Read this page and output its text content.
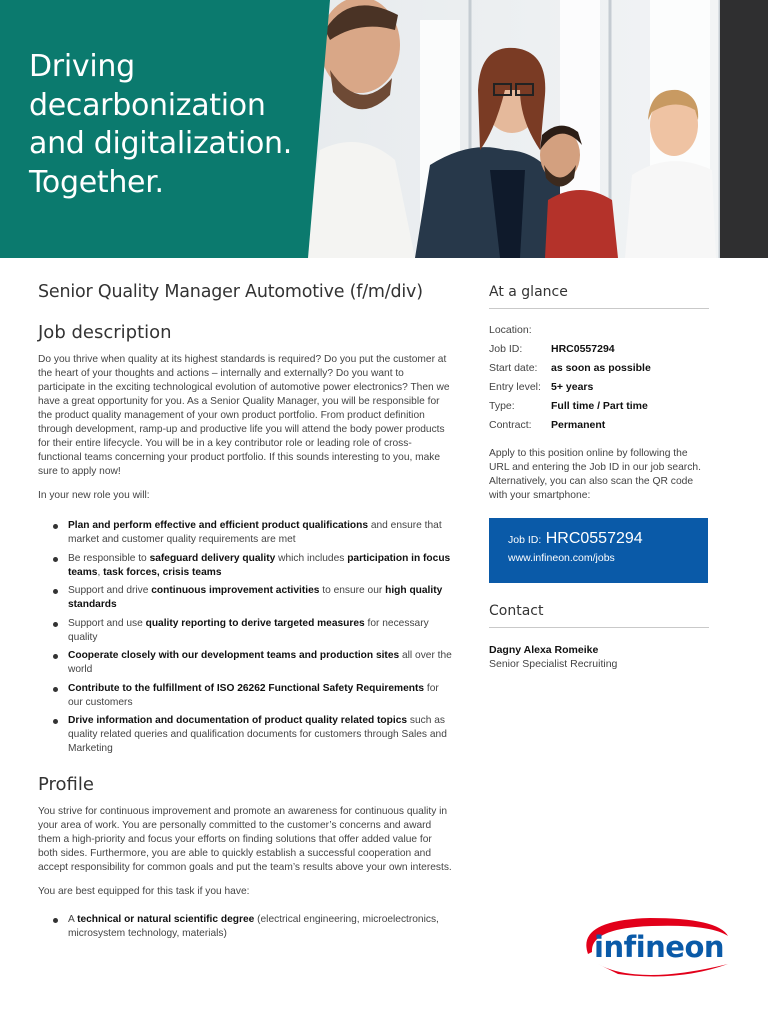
Driving
decarbonization
and digitalization.
Together.
Senior Quality Manager Automotive (f/m/div)
Job description

Do you thrive when quality at its highest standards is required? Do you put the customer at the heart of your thoughts and actions – internally and externally? Do you want to participate in the exciting technological evolution of automotive power electronics? Then we have a great opportunity for you. As a Senior Quality Manager, you will be responsible for the product quality management of your own product portfolio. From product definition through development, ramp-up and productive life you will attend the body power products for their entire lifecycle. You will be in a key contributor role or leading role of cross-functional teams concerning your product portfolio. If this sounds interesting to you, make sure to apply now!

In your new role you will:

Plan and perform effective and efficient product qualifications and ensure that market and customer quality requirements are met
Be responsible to safeguard delivery quality which includes participation in focus teams, task forces, crisis teams
Support and drive continuous improvement activities to ensure our high quality standards
Support and use quality reporting to derive targeted measures for necessary quality
Cooperate closely with our development teams and production sites all over the world
Contribute to the fulfillment of ISO 26262 Functional Safety Requirements for our customers
Drive information and documentation of product quality related topics such as quality related queries and qualification documents for customers through Sales and Marketing
Profile

You strive for continuous improvement and promote an awareness for continuous quality in your area of work. You are personally committed to the customer’s concerns and award them a high-priority and focus your efforts on finding solutions that offer added value for both sides. Furthermore, you are able to quickly establish a successful cooperation and accept responsibility for common goals and put the team’s results above your own interests.

You are best equipped for this task if you have:

A technical or natural scientific degree (electrical engineering, microelectronics, microsystem technology, materials)
At a glance
Location:
Job ID:	HRC0557294
Start date:	as soon as possible
Entry level: 5+ years
Type:	Full time / Part time
Contract:	Permanent

Apply to this position online by following the URL and entering the Job ID in our job search. Alternatively, you can also scan the QR code with your smartphone:

Job ID: HRC0557294
www.infineon.com/jobs
Contact
Dagny Alexa Romeike
Senior Specialist Recruiting
infineon
